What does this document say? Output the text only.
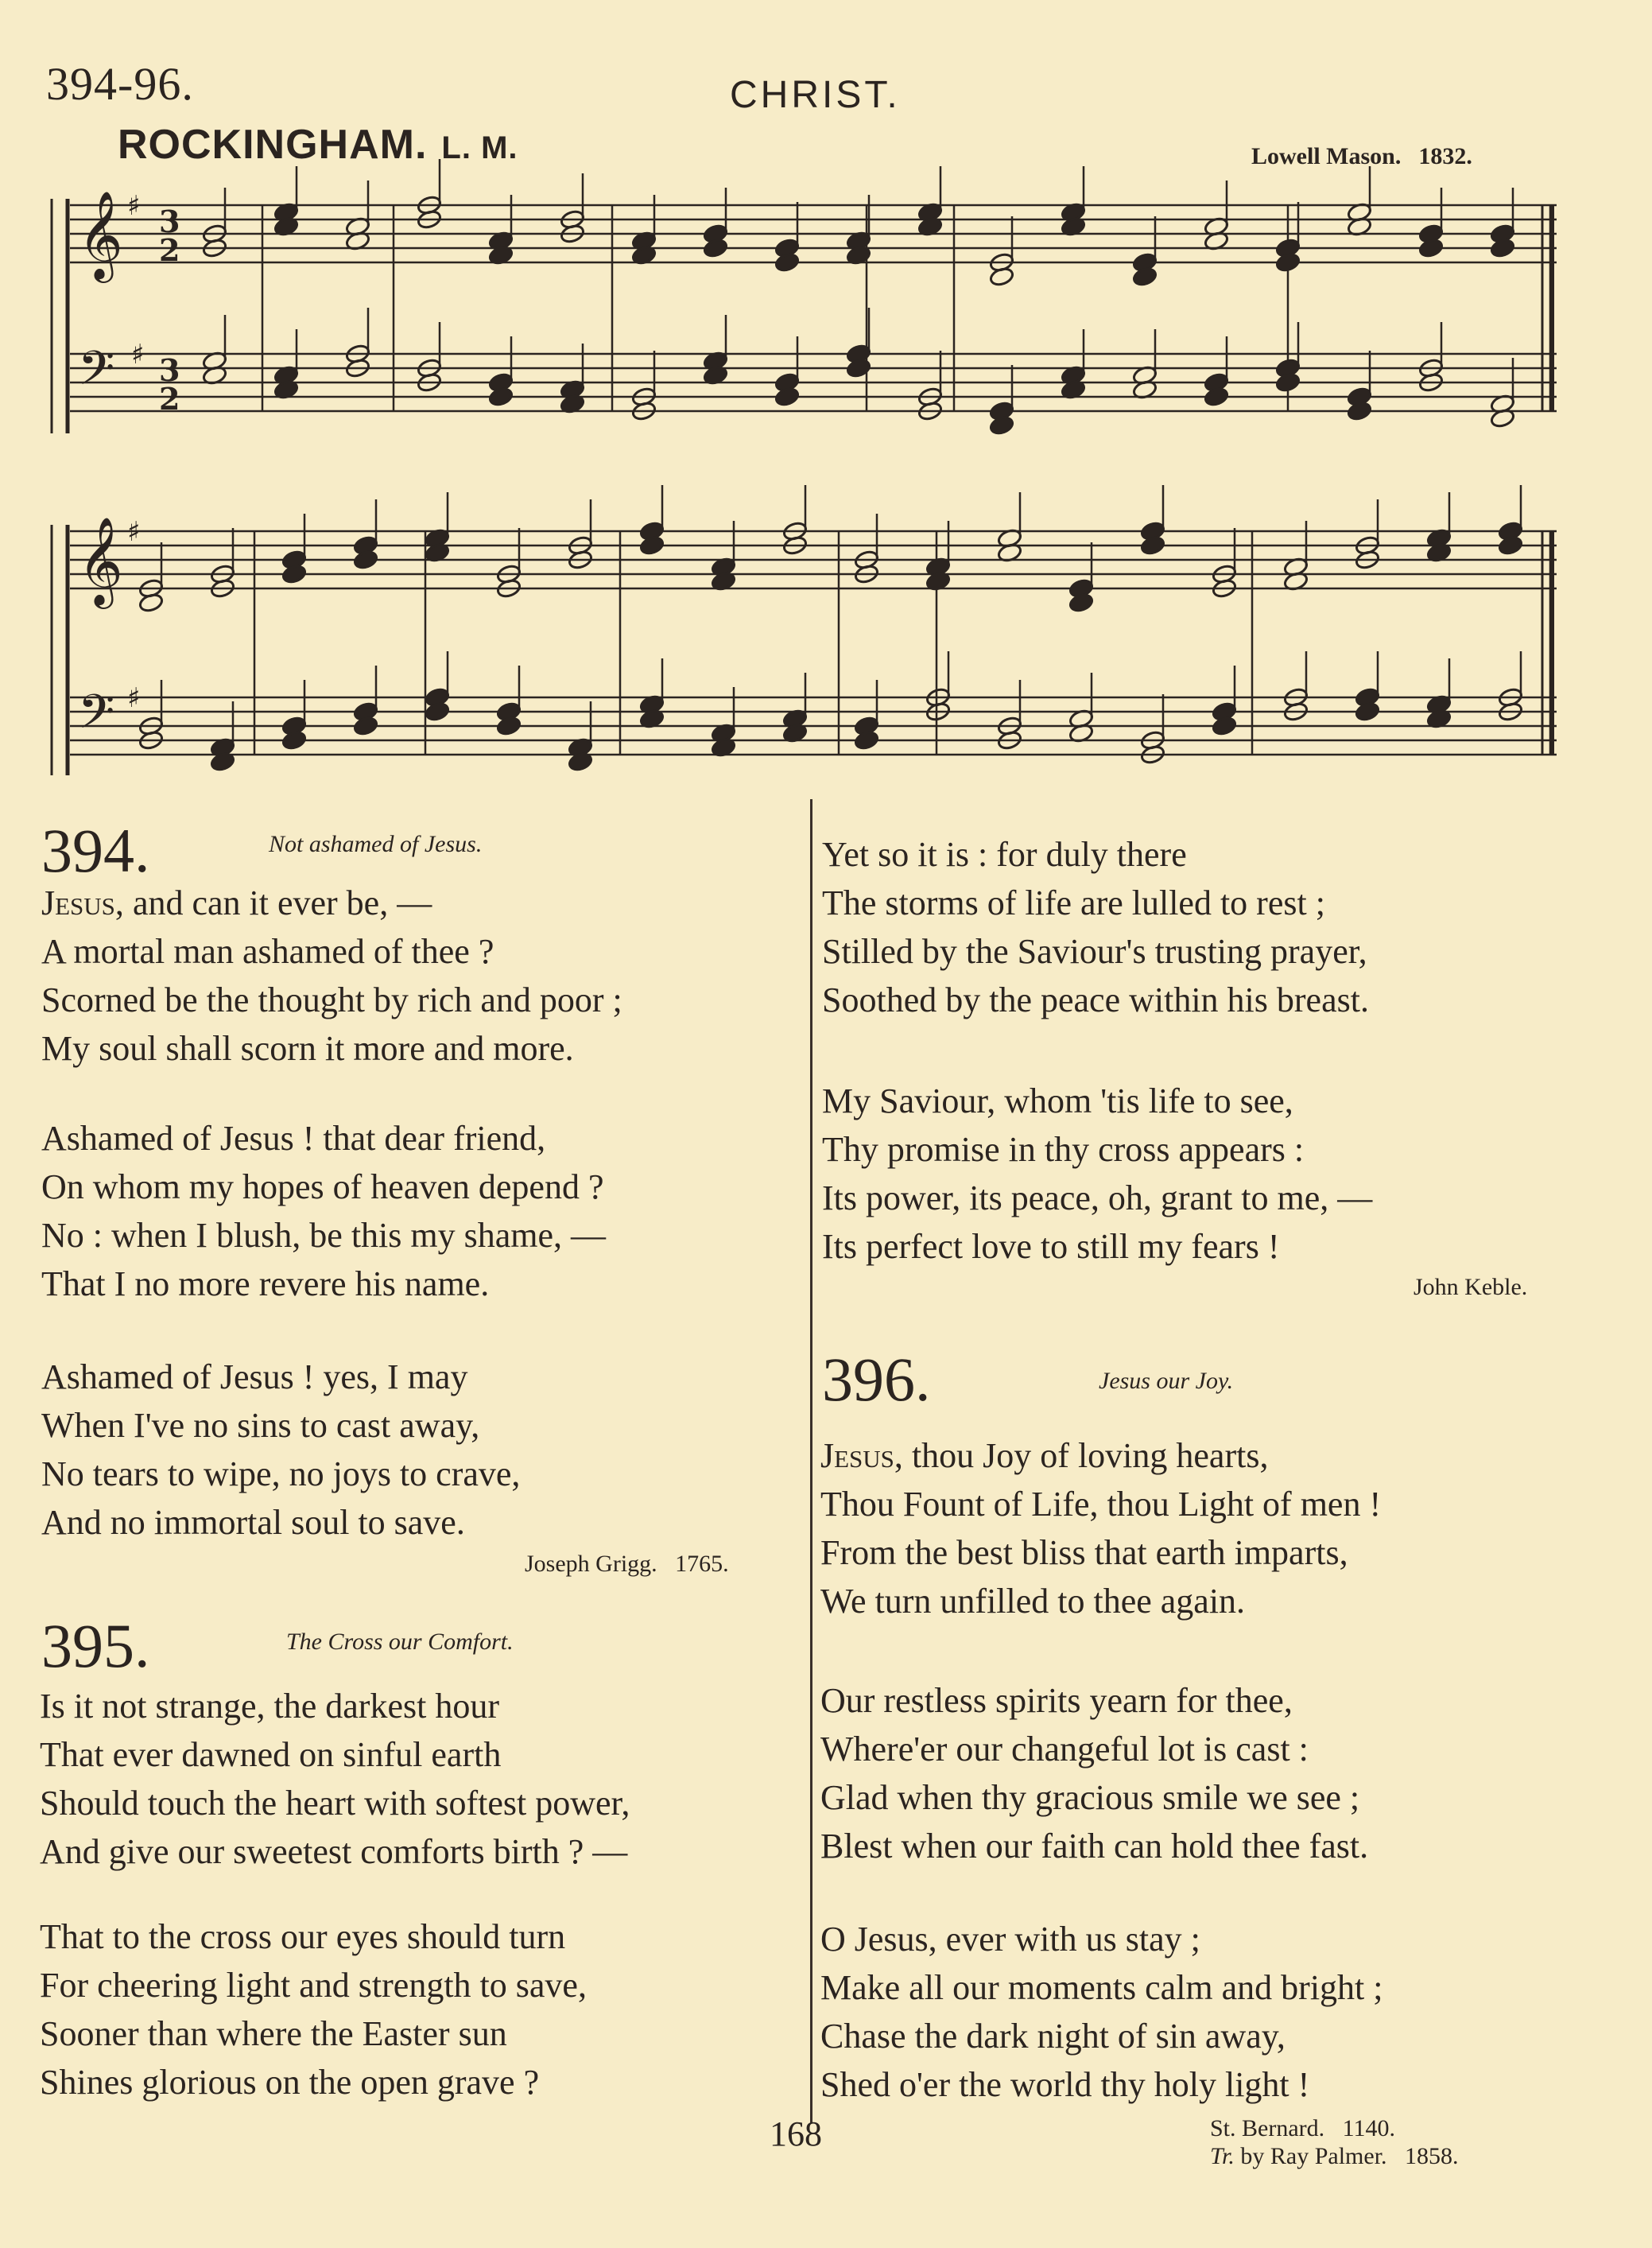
394-96.	CHRIST.
ROCKINGHAM. L. M.	Lowell Mason. 1832.
𝄞
𝄢
𝄞
𝄢
3
2
3
2
♯
♯
♯
♯
394.	Not ashamed of Jesus.
Jesus, and can it ever be, —
A mortal man ashamed of thee ?
Scorned be the thought by rich and poor ;
My soul shall scorn it more and more.
Ashamed of Jesus ! that dear friend,
On whom my hopes of heaven depend ?
No : when I blush, be this my shame, —
That I no more revere his name.
Ashamed of Jesus ! yes, I may
When I've no sins to cast away,
No tears to wipe, no joys to crave,
And no immortal soul to save.
Joseph Grigg. 1765.
395.	The Cross our Comfort.
Is it not strange, the darkest hour
That ever dawned on sinful earth
Should touch the heart with softest power,
And give our sweetest comforts birth ? —
That to the cross our eyes should turn
For cheering light and strength to save,
Sooner than where the Easter sun
Shines glorious on the open grave ?
Yet so it is : for duly there
The storms of life are lulled to rest ;
Stilled by the Saviour's trusting prayer,
Soothed by the peace within his breast.
My Saviour, whom 'tis life to see,
Thy promise in thy cross appears :
Its power, its peace, oh, grant to me, —
Its perfect love to still my fears !
John Keble.
396.	Jesus our Joy.
Jesus, thou Joy of loving hearts,
Thou Fount of Life, thou Light of men !
From the best bliss that earth imparts,
We turn unfilled to thee again.
Our restless spirits yearn for thee,
Where'er our changeful lot is cast :
Glad when thy gracious smile we see ;
Blest when our faith can hold thee fast.
O Jesus, ever with us stay ;
Make all our moments calm and bright ;
Chase the dark night of sin away,
Shed o'er the world thy holy light !
St. Bernard. 1140.
Tr. by Ray Palmer. 1858.
168
